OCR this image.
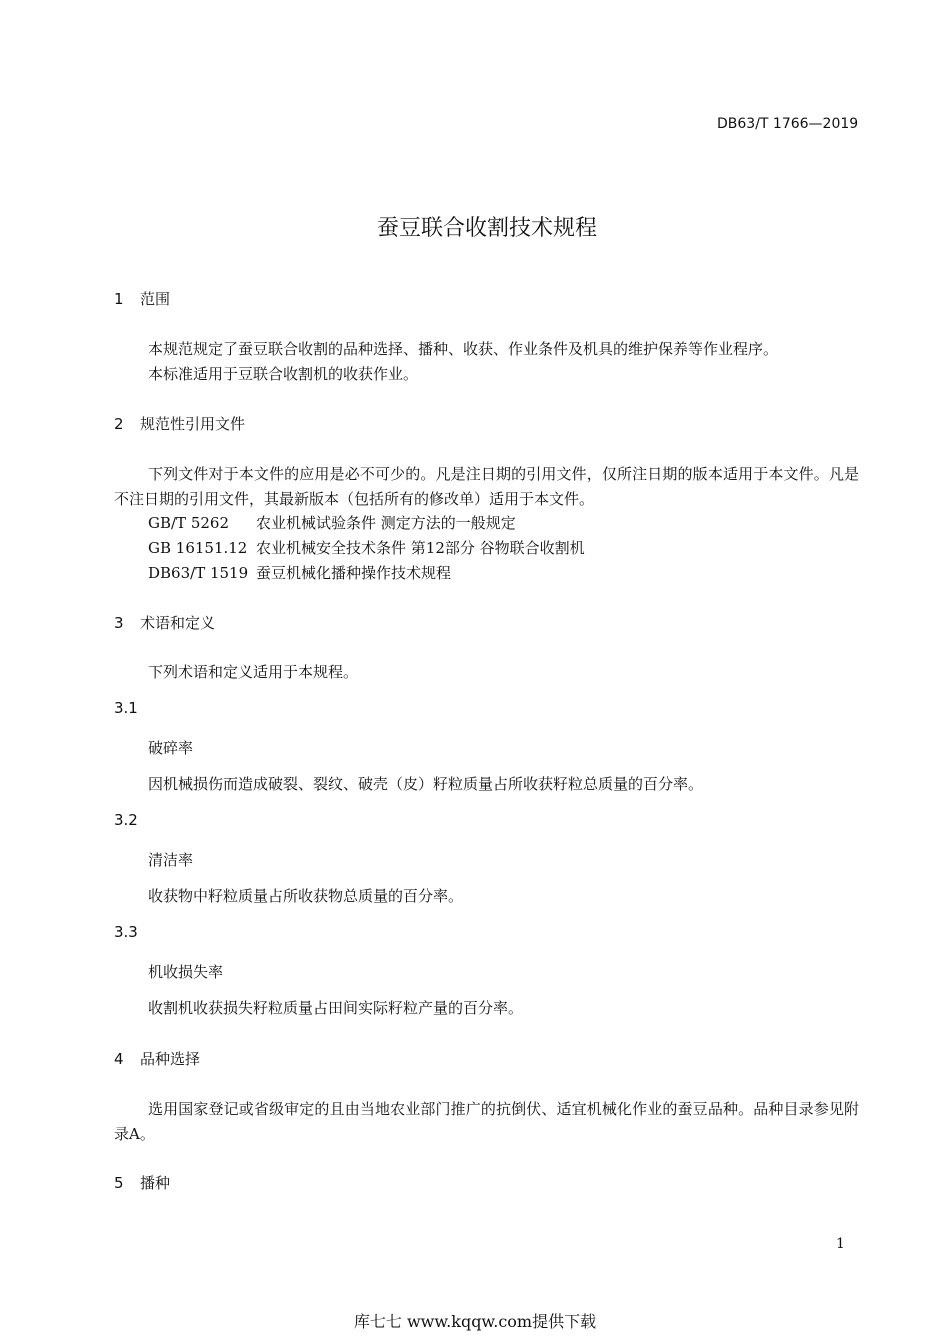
DB63/T 1766—2019
蚕豆联合收割技术规程
1 范围
本规范规定了蚕豆联合收割的品种选择、播种、收获、作业条件及机具的维护保养等作业程序。
本标准适用于豆联合收割机的收获作业。
2 规范性引用文件
下列文件对于本文件的应用是必不可少的。凡是注日期的引用文件，仅所注日期的版本适用于本文件。凡是不注日期的引用文件，其最新版本（包括所有的修改单）适用于本文件。
GB/T 5262 农业机械试验条件 测定方法的一般规定
GB 16151.12 农业机械安全技术条件 第12部分 谷物联合收割机
DB63/T 1519 蚕豆机械化播种操作技术规程
3 术语和定义
下列术语和定义适用于本规程。
3.1
破碎率
因机械损伤而造成破裂、裂纹、破壳（皮）籽粒质量占所收获籽粒总质量的百分率。
3.2
清洁率
收获物中籽粒质量占所收获物总质量的百分率。
3.3
机收损失率
收割机收获损失籽粒质量占田间实际籽粒产量的百分率。
4 品种选择
选用国家登记或省级审定的且由当地农业部门推广的抗倒伏、适宜机械化作业的蚕豆品种。品种目录参见附录A。
5 播种
1
库七七 www.kqqw.com提供下载
